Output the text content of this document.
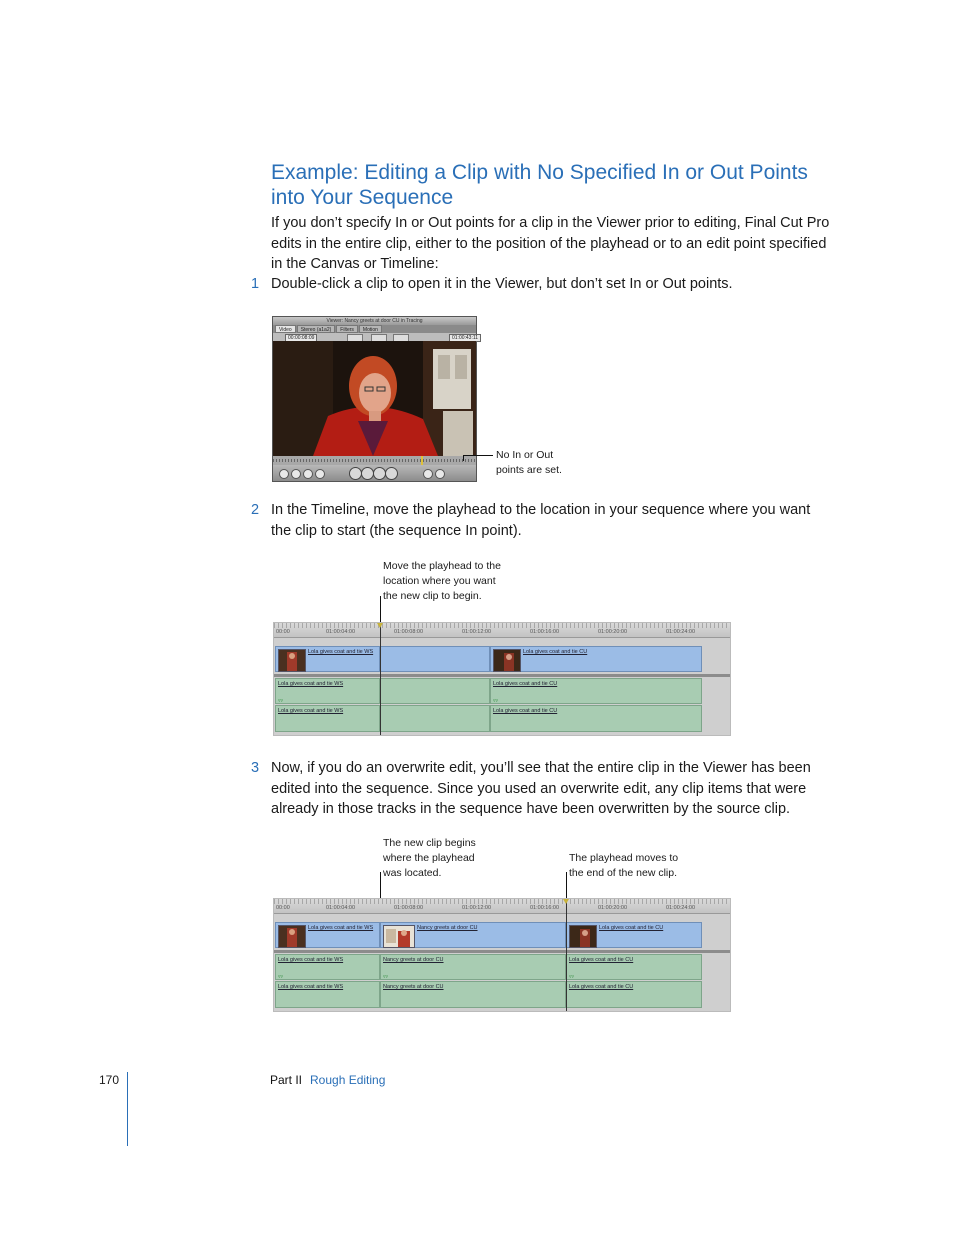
Example: Editing a Clip with No Specified In or Out Points into Your Sequence

If you don’t specify In or Out points for a clip in the Viewer prior to editing, Final Cut Pro edits in the entire clip, either to the position of the playhead or to an edit point specified in the Canvas or Timeline:

1 Double-click a clip to open it in the Viewer, but don’t set In or Out points.

Viewer: Nancy greets at door CU in Tracing
Video	Stereo (a1a2)	Filters	Motion
00:00:08:09	01:00:43:11
No In or Out
points are set.
2 In the Timeline, move the playhead to the location in your sequence where you want the clip to start (the sequence In point).

Move the playhead to the
location where you want
the new clip to begin.
00:00	01:00:04:00	01:00:08:00	01:00:12:00	01:00:16:00	01:00:20:00	01:00:24:00
Lola gives coat and tie WS	Lola gives coat and tie CU
Lola gives coat and tie WS
▿▿
Lola gives coat and tie CU
▿▿
Lola gives coat and tie WS	Lola gives coat and tie CU
3 Now, if you do an overwrite edit, you’ll see that the entire clip in the Viewer has been edited into the sequence. Since you used an overwrite edit, any clip items that were already in those tracks in the sequence have been overwritten by the source clip.

The new clip begins
where the playhead
was located.
The playhead moves to
the end of the new clip.
00:00	01:00:04:00	01:00:08:00	01:00:12:00	01:00:16:00	01:00:20:00	01:00:24:00
Lola gives coat and tie WS	Nancy greets at door CU	Lola gives coat and tie CU
Lola gives coat and tie WS
▿▿
Nancy greets at door CU
▿▿
Lola gives coat and tie CU
▿▿
Lola gives coat and tie WS	Nancy greets at door CU	Lola gives coat and tie CU
170	Part II Rough Editing
